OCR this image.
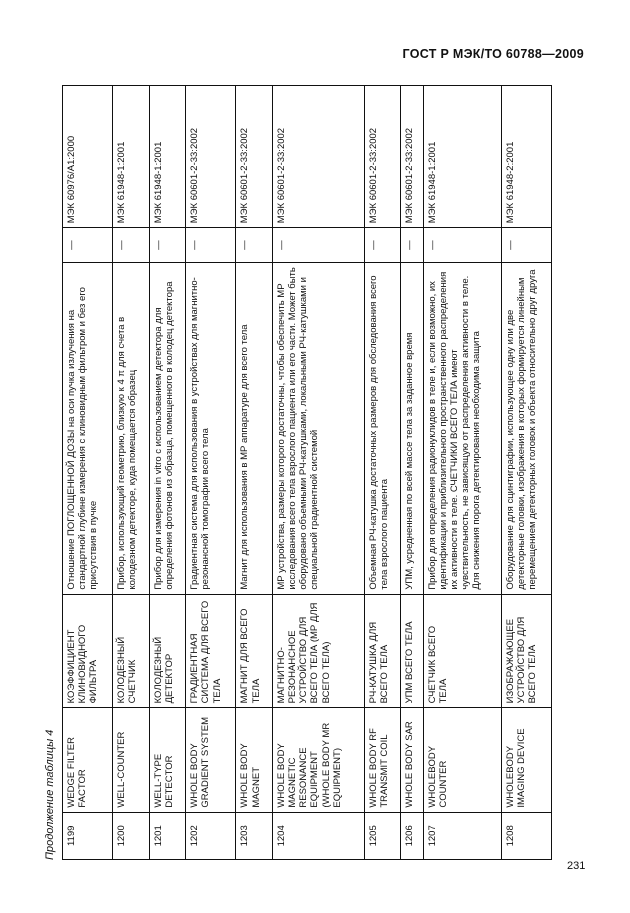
ГОСТ Р МЭК/ТО 60788—2009
Продолжение таблицы 4 1199	WEDGE FILTER FACTOR	КОЭФФИЦИЕНТ КЛИНОВИДНОГО ФИЛЬТРА	Отношение ПОГЛОЩЕННОЙ ДОЗЫ на оси пучка излучения на стандартной глубине измерения с клиновидным фильтром и без его присутствия в пучке	—	МЭК 60976/А1:2000
1200	WELL-COUNTER	КОЛОДЕЗНЫЙ СЧЕТЧИК	Прибор, использующий геометрию, близкую к 4 π для счета в колодезном детекторе, куда помещается образец	—	МЭК 61948-1:2001
1201	WELL-TYPE DETECTOR	КОЛОДЕЗНЫЙ ДЕТЕКТОР	Прибор для измерения in vitro с использованием детектора для определения фотонов из образца, помещенного в колодец детектора	—	МЭК 61948-1:2001
1202	WHOLE BODY GRADIENT SYSTEM	ГРАДИЕНТНАЯ СИСТЕМА ДЛЯ ВСЕГО ТЕЛА	Градиентная система для использования в устройствах для магнитно-резонансной томографии всего тела	—	МЭК 60601-2-33:2002
1203	WHOLE BODY MAGNET	МАГНИТ ДЛЯ ВСЕГО ТЕЛА	Магнит для использования в МР аппаратуре для всего тела	—	МЭК 60601-2-33:2002
1204	WHOLE BODY MAGNETIC RESONANCE EQUIPMENT (WHOLE BODY MR EQUIPMENT)	МАГНИТНО-РЕЗОНАНСНОЕ УСТРОЙСТВО ДЛЯ ВСЕГО ТЕЛА (МР ДЛЯ ВСЕГО ТЕЛА)	МР устройства, размеры которого достаточны, чтобы обеспечить МР исследования всего тела взрослого пациента или его части. Может быть оборудовано объемными РЧ-катушками, локальными РЧ-катушками и специальной градиентной системой	—	МЭК 60601-2-33:2002
1205	WHOLE BODY RF TRANSMIT COIL	РЧ-КАТУШКА ДЛЯ ВСЕГО ТЕЛА	Объемная РЧ-катушка достаточных размеров для обследования всего тела взрослого пациента	—	МЭК 60601-2-33:2002
1206	WHOLE BODY SAR	УПМ ВСЕГО ТЕЛА	УПМ, усредненная по всей массе тела за заданное время	—	МЭК 60601-2-33:2002
1207	WHOLEBODY COUNTER	СЧЕТЧИК ВСЕГО ТЕЛА	Прибор для определения радионуклидов в теле и, если возможно, их идентификации и приблизительного пространственного распределения их активности в теле. СЧЕТЧИКИ ВСЕГО ТЕЛА имеют чувствительность, не зависящую от распределения активности в теле. Для снижения порога детектирования необходима защита	—	МЭК 61948-1:2001
1208	WHOLEBODY IMAGING DEVICE	ИЗОБРАЖАЮЩЕЕ УСТРОЙСТВО ДЛЯ ВСЕГО ТЕЛА	Оборудование для сцинтиграфии, использующее одну или две детекторные головки, изображения в которых формируется линейным перемещением детекторных головок и объекта относительно друг друга	—	МЭК 61948-2:2001
231
